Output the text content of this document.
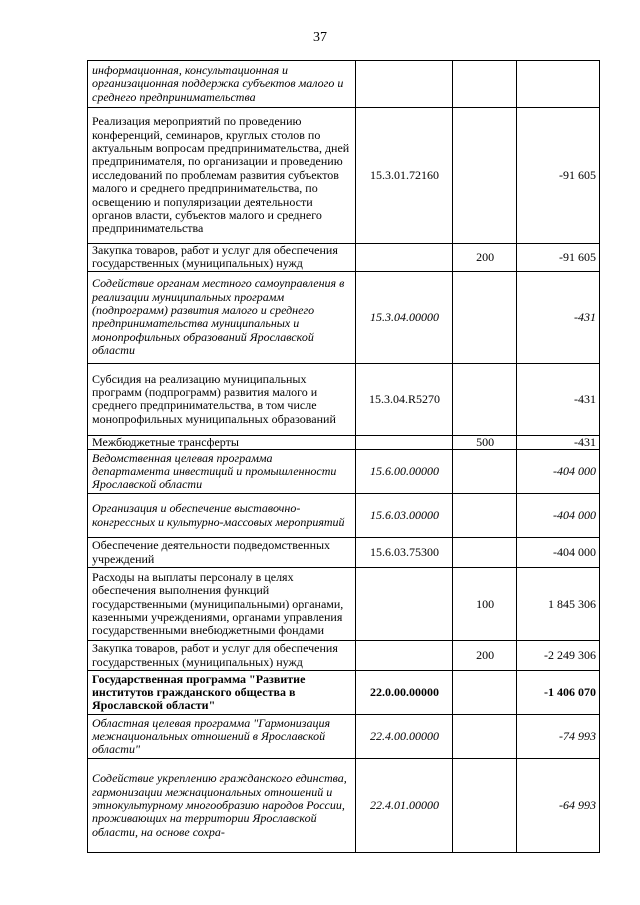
37
информационная, консультационная и организационная поддержка субъектов малого и среднего предпринимательства			
Реализация мероприятий по проведению конференций, семинаров, круглых столов по актуальным вопросам предпринимательства, дней предпринимателя, по организации и проведению исследований по проблемам развития субъектов малого и среднего предпринимательства, по освещению и популяризации деятельности органов власти, субъектов малого и среднего предпринимательства	15.3.01.72160		-91 605
Закупка товаров, работ и услуг для обеспечения государственных (муниципальных) нужд		200	-91 605
Содействие органам местного самоуправления в реализации муниципальных программ (подпрограмм) развития малого и среднего предпринимательства муниципальных и монопрофильных образований Ярославской области	15.3.04.00000		-431
Субсидия на реализацию муниципальных программ (подпрограмм) развития малого и среднего предпринимательства, в том числе монопрофильных муниципальных образований	15.3.04.R5270		-431
Межбюджетные трансферты		500	-431
Ведомственная целевая программа департамента инвестиций и промышленности Ярославской области	15.6.00.00000		-404 000
Организация и обеспечение выставочно-конгрессных и культурно-массовых мероприятий	15.6.03.00000		-404 000
Обеспечение деятельности подведомственных учреждений	15.6.03.75300		-404 000
Расходы на выплаты персоналу в целях обеспечения выполнения функций государственными (муниципальными) органами, казенными учреждениями, органами управления государственными внебюджетными фондами		100	1 845 306
Закупка товаров, работ и услуг для обеспечения государственных (муниципальных) нужд		200	-2 249 306
Государственная программа "Развитие институтов гражданского общества в Ярославской области"	22.0.00.00000		-1 406 070
Областная целевая программа "Гармонизация межнациональных отношений в Ярославской области"	22.4.00.00000		-74 993
Содействие укреплению гражданского единства, гармонизации межнациональных отношений и этнокультурному многообразию народов России, проживающих на территории Ярославской области, на основе сохра-	22.4.01.00000		-64 993
